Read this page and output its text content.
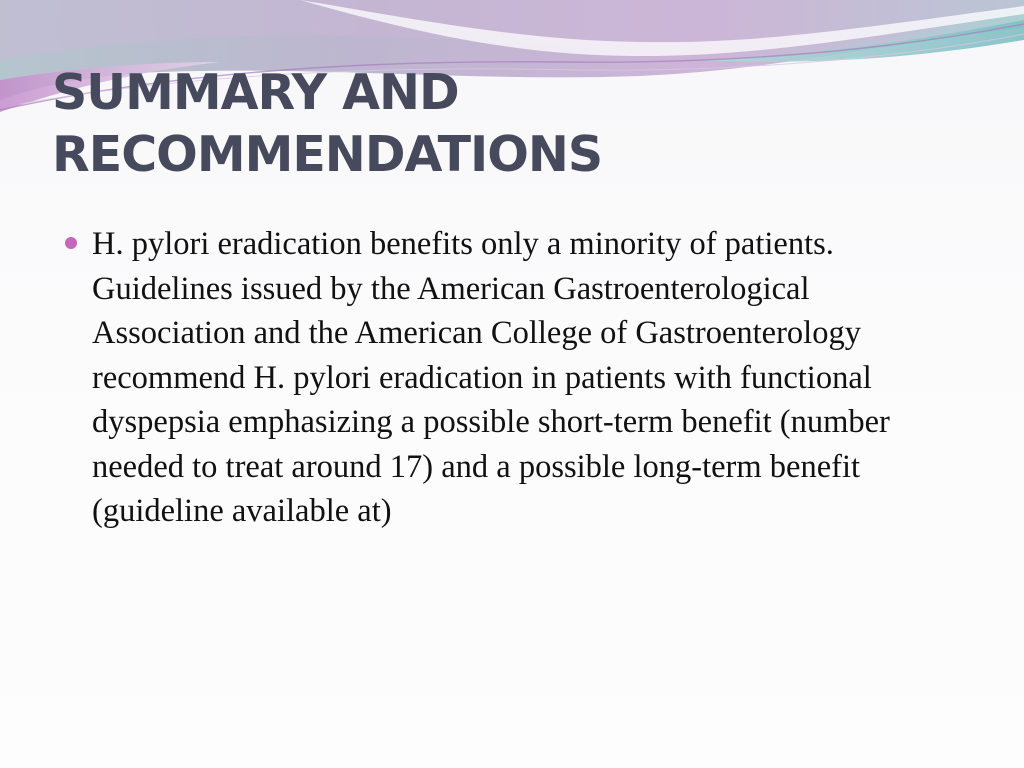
SUMMARY AND
RECOMMENDATIONS

H. pylori eradication benefits only a minority of patients. Guidelines issued by the American Gastroenterological Association and the American College of Gastroenterology recommend H. pylori eradication in patients with functional dyspepsia emphasizing a possible short-term benefit (number needed to treat around 17) and a possible long-term benefit (guideline available at)
